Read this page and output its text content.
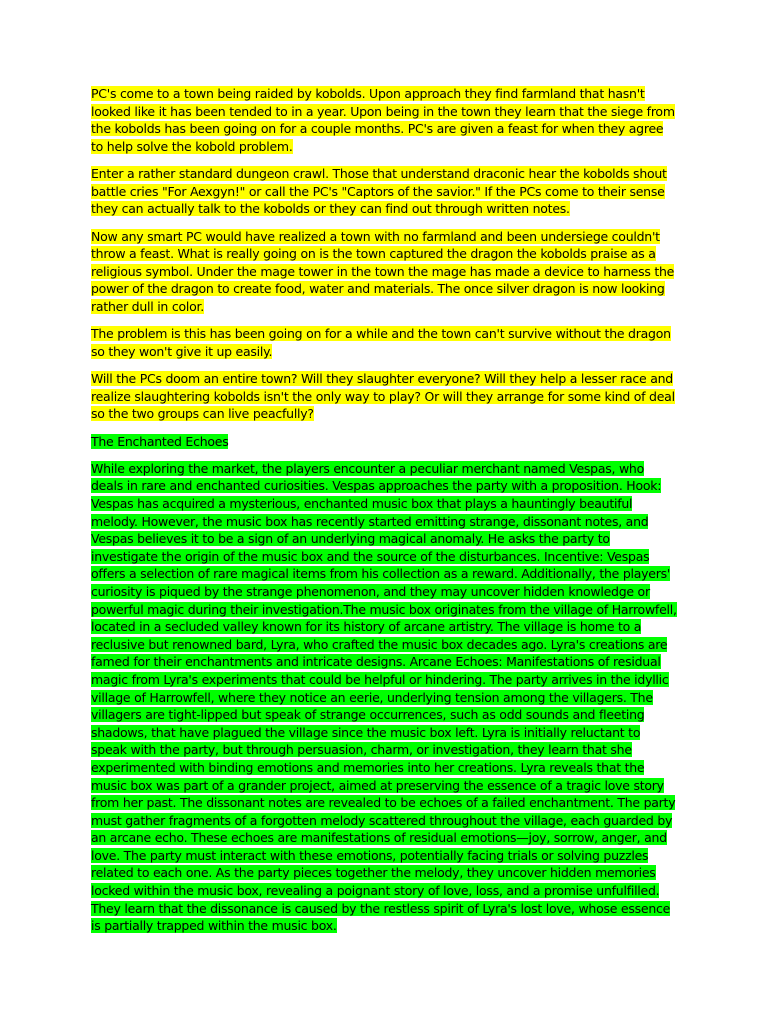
PC's come to a town being raided by kobolds. Upon approach they find farmland that hasn't looked like it has been tended to in a year. Upon being in the town they learn that the siege from the kobolds has been going on for a couple months. PC's are given a feast for when they agree to help solve the kobold problem.

Enter a rather standard dungeon crawl. Those that understand draconic hear the kobolds shout battle cries "For Aexgyn!" or call the PC's "Captors of the savior." If the PCs come to their sense they can actually talk to the kobolds or they can find out through written notes.

Now any smart PC would have realized a town with no farmland and been undersiege couldn't throw a feast. What is really going on is the town captured the dragon the kobolds praise as a religious symbol. Under the mage tower in the town the mage has made a device to harness the power of the dragon to create food, water and materials. The once silver dragon is now looking rather dull in color.

The problem is this has been going on for a while and the town can't survive without the dragon so they won't give it up easily.

Will the PCs doom an entire town? Will they slaughter everyone? Will they help a lesser race and realize slaughtering kobolds isn't the only way to play? Or will they arrange for some kind of deal so the two groups can live peacfully?

The Enchanted Echoes

While exploring the market, the players encounter a peculiar merchant named Vespas, who deals in rare and enchanted curiosities. Vespas approaches the party with a proposition. Hook: Vespas has acquired a mysterious, enchanted music box that plays a hauntingly beautiful melody. However, the music box has recently started emitting strange, dissonant notes, and Vespas believes it to be a sign of an underlying magical anomaly. He asks the party to investigate the origin of the music box and the source of the disturbances. Incentive: Vespas offers a selection of rare magical items from his collection as a reward. Additionally, the players' curiosity is piqued by the strange phenomenon, and they may uncover hidden knowledge or powerful magic during their investigation.The music box originates from the village of Harrowfell, located in a secluded valley known for its history of arcane artistry. The village is home to a reclusive but renowned bard, Lyra, who crafted the music box decades ago. Lyra's creations are famed for their enchantments and intricate designs. Arcane Echoes: Manifestations of residual magic from Lyra's experiments that could be helpful or hindering. The party arrives in the idyllic village of Harrowfell, where they notice an eerie, underlying tension among the villagers. The villagers are tight-lipped but speak of strange occurrences, such as odd sounds and fleeting shadows, that have plagued the village since the music box left. Lyra is initially reluctant to speak with the party, but through persuasion, charm, or investigation, they learn that she experimented with binding emotions and memories into her creations. Lyra reveals that the music box was part of a grander project, aimed at preserving the essence of a tragic love story from her past. The dissonant notes are revealed to be echoes of a failed enchantment. The party must gather fragments of a forgotten melody scattered throughout the village, each guarded by an arcane echo. These echoes are manifestations of residual emotions—joy, sorrow, anger, and love. The party must interact with these emotions, potentially facing trials or solving puzzles related to each one. As the party pieces together the melody, they uncover hidden memories locked within the music box, revealing a poignant story of love, loss, and a promise unfulfilled. They learn that the dissonance is caused by the restless spirit of Lyra's lost love, whose essence is partially trapped within the music box.
